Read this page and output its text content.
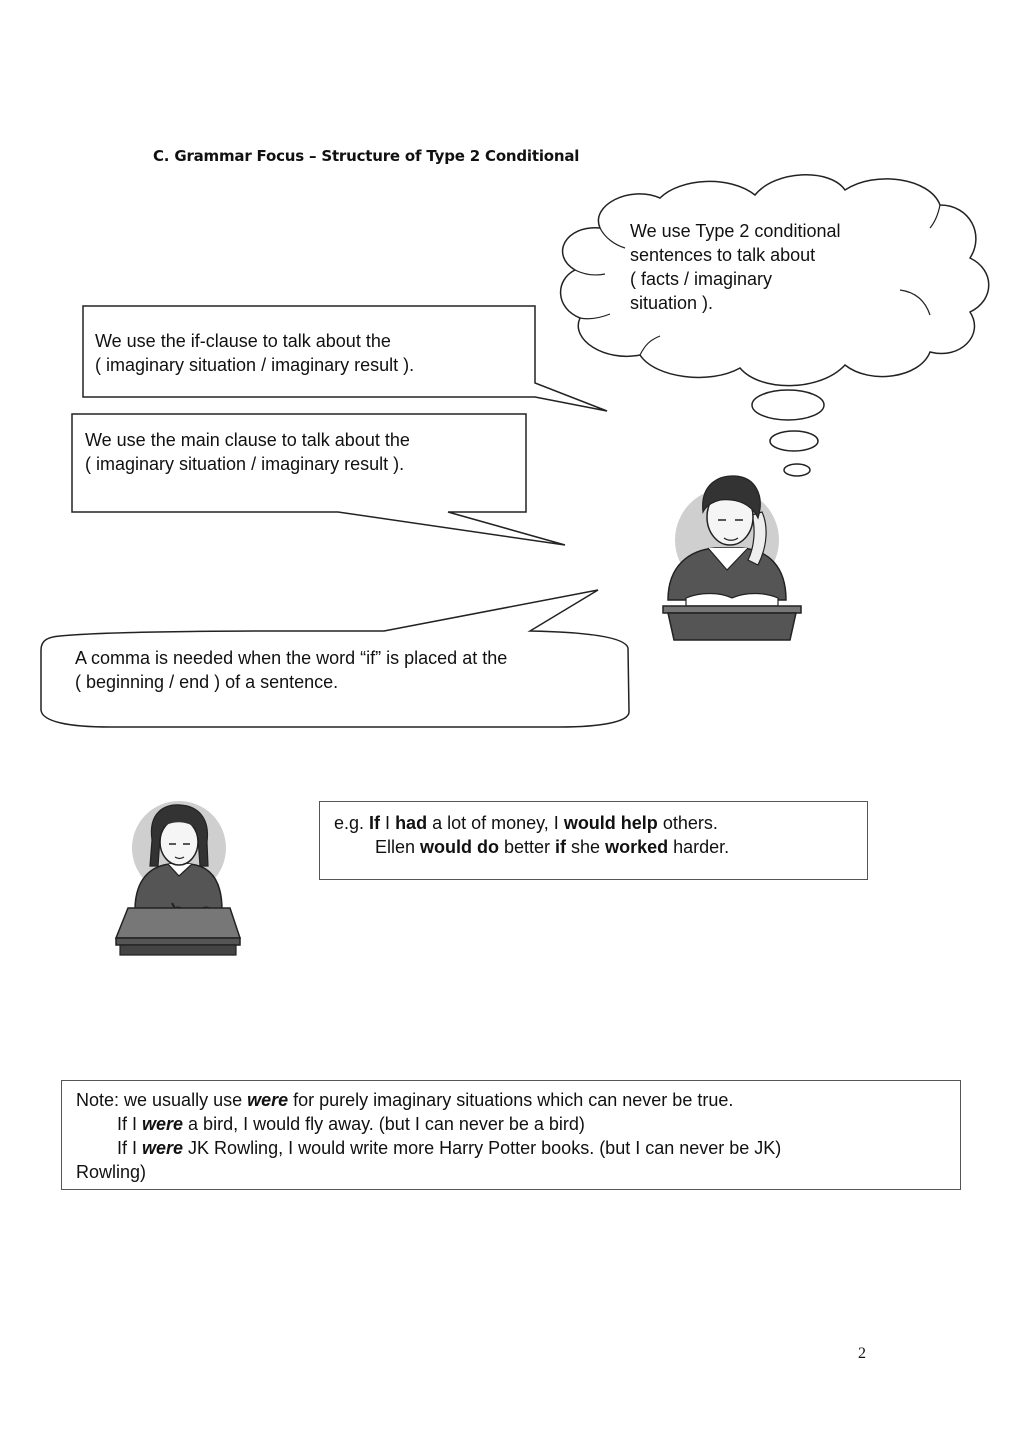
C. Grammar Focus – Structure of Type 2 Conditional
We use Type 2 conditional
sentences to talk about
( facts / imaginary
situation ).
We use the if-clause to talk about the
( imaginary situation / imaginary result ).
We use the main clause to talk about the
( imaginary situation / imaginary result ).
A comma is needed when the word “if” is placed at the
( beginning / end ) of a sentence.
e.g. If I had a lot of money, I would help others.
Ellen would do better if she worked harder.
Note: we usually use were for purely imaginary situations which can never be true.
If I were a bird, I would fly away. (but I can never be a bird)
If I were JK Rowling, I would write more Harry Potter books. (but I can never be JK)
Rowling)
2
